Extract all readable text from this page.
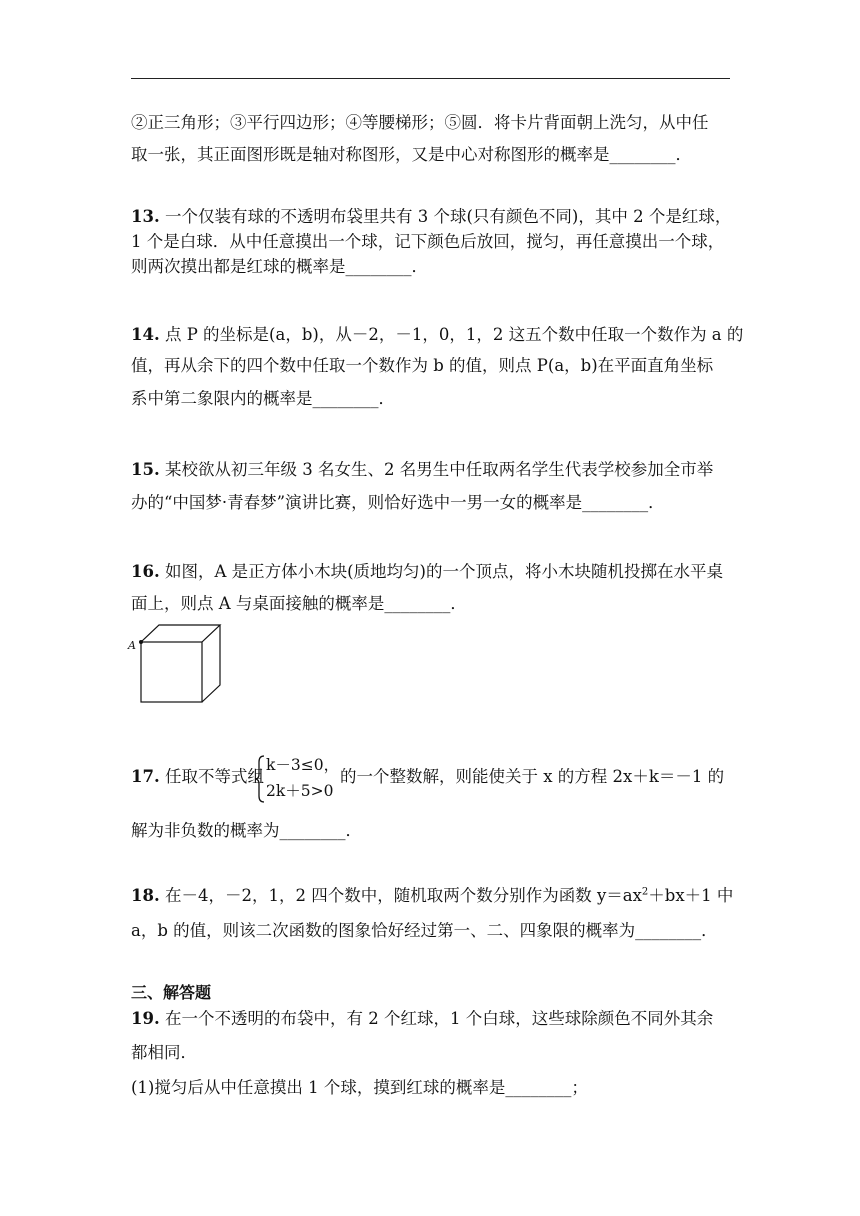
②正三角形；③平行四边形；④等腰梯形；⑤圆．将卡片背面朝上洗匀，从中任
取一张，其正面图形既是轴对称图形，又是中心对称图形的概率是________．
13. 一个仅装有球的不透明布袋里共有 3 个球(只有颜色不同)，其中 2 个是红球，
1 个是白球．从中任意摸出一个球，记下颜色后放回，搅匀，再任意摸出一个球，
则两次摸出都是红球的概率是________．
14. 点 P 的坐标是(a，b)，从－2，－1，0，1，2 这五个数中任取一个数作为 a 的
值，再从余下的四个数中任取一个数作为 b 的值，则点 P(a，b)在平面直角坐标
系中第二象限内的概率是________．
15. 某校欲从初三年级 3 名女生、2 名男生中任取两名学生代表学校参加全市举
办的“中国梦·青春梦”演讲比赛，则恰好选中一男一女的概率是________．
16. 如图，A 是正方体小木块(质地均匀)的一个顶点，将小木块随机投掷在水平桌
面上，则点 A 与桌面接触的概率是________．
A
17. 任取不等式组
k－3≤0，
2k＋5>0
的一个整数解，则能使关于 x 的方程 2x＋k＝－1 的
解为非负数的概率为________．
18. 在－4，－2，1，2 四个数中，随机取两个数分别作为函数 $y=ax^2+bx+1$ 中
a，b 的值，则该二次函数的图象恰好经过第一、二、四象限的概率为________．
三、解答题
19. 在一个不透明的布袋中，有 2 个红球，1 个白球，这些球除颜色不同外其余
都相同．
(1)搅匀后从中任意摸出 1 个球，摸到红球的概率是________；
